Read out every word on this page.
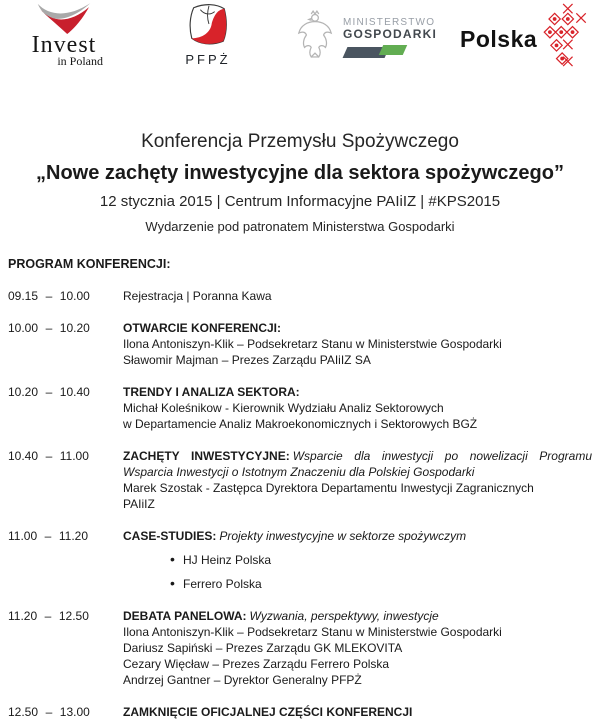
Invest
in Poland	PFPŻ
MINISTERSTWO
GOSPODARKI Polska
Konferencja Przemysłu Spożywczego
„Nowe zachęty inwestycyjne dla sektora spożywczego”
12 stycznia 2015 | Centrum Informacyjne PAIiIZ | #KPS2015
Wydarzenie pod patronatem Ministerstwa Gospodarki
PROGRAM KONFERENCJI:
09.15 – 10.00	Rejestracja | Poranna Kawa
10.00 – 10.20	OTWARCIE KONFERENCJI:
Ilona Antoniszyn-Klik – Podsekretarz Stanu w Ministerstwie Gospodarki
Sławomir Majman – Prezes Zarządu PAIiIZ SA
10.20 – 10.40	TRENDY I ANALIZA SEKTORA:
Michał Koleśnikow - Kierownik Wydziału Analiz Sektorowych
w Departamencie Analiz Makroekonomicznych i Sektorowych BGŻ
10.40 – 11.00	ZACHĘTY INWESTYCYJNE: Wsparcie dla inwestycji po nowelizacji Programu Wsparcia Inwestycji o Istotnym Znaczeniu dla Polskiej Gospodarki
Marek Szostak - Zastępca Dyrektora Departamentu Inwestycji Zagranicznych
PAIiIZ
11.00 – 11.20	CASE-STUDIES: Projekty inwestycyjne w sektorze spożywczym
• HJ Heinz Polska
• Ferrero Polska
11.20 – 12.50	DEBATA PANELOWA: Wyzwania, perspektywy, inwestycje
Ilona Antoniszyn-Klik – Podsekretarz Stanu w Ministerstwie Gospodarki
Dariusz Sapiński – Prezes Zarządu GK MLEKOVITA
Cezary Więcław – Prezes Zarządu Ferrero Polska
Andrzej Gantner – Dyrektor Generalny PFPŻ
12.50 – 13.00	ZAMKNIĘCIE OFICJALNEJ CZĘŚCI KONFERENCJI
